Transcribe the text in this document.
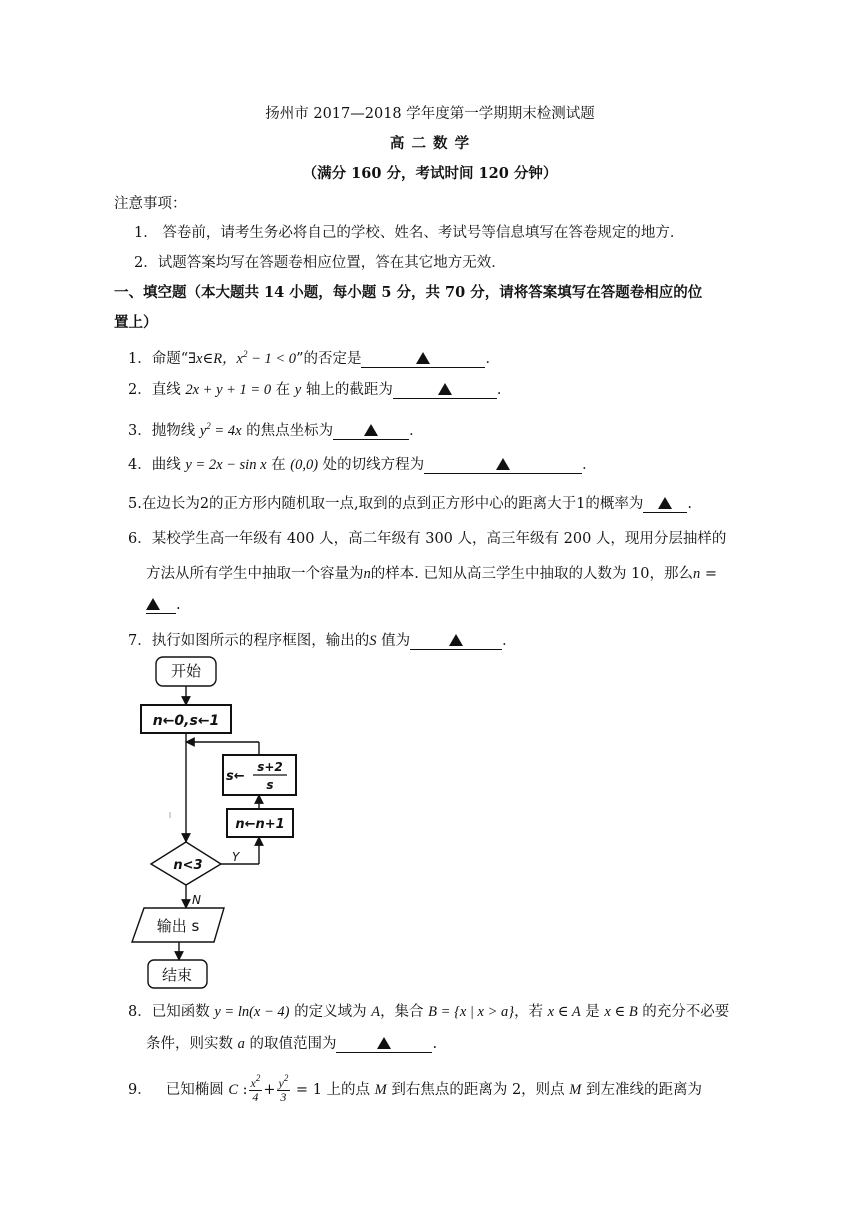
扬州市 2017—2018 学年度第一学期期末检测试题
高 二 数 学
（满分 160 分，考试时间 120 分钟）
注意事项：
1． 答卷前，请考生务必将自己的学校、姓名、考试号等信息填写在答卷规定的地方．
2．试题答案均写在答题卷相应位置，答在其它地方无效．
一、填空题（本大题共 14 小题，每小题 5 分，共 70 分，请将答案填写在答题卷相应的位
置上）
1．命题“∃x∈R，$x^2 - 1 < 0$”的否定是	．
2．直线 2x + y + 1 = 0 在 y 轴上的截距为	．
3．抛物线 $y^2 = 4x$ 的焦点坐标为	．
4．曲线 y = 2x − sin x 在 (0,0) 处的切线方程为	．
5.在边长为2的正方形内随机取一点,取到的点到正方形中心的距离大于1的概率为	.
6．某校学生高一年级有 400 人，高二年级有 300 人，高三年级有 200 人，现用分层抽样的
方法从所有学生中抽取一个容量为n的样本. 已知从高三学生中抽取的人数为 10，那么n =
.
7．执行如图所示的程序框图，输出的S 值为	．
开始
n←0,s←1
s←
s+2
s
n←n+1
n<3
Y
N
输出 s
结束
8．已知函数 y = ln(x − 4) 的定义域为 A，集合 B = {x | x > a}，若 x ∈ A 是 x ∈ B 的充分不必要
条件，则实数 a 的取值范围为	.
9． 已知椭圆 C : $\frac{x^2}{4} + \frac{y^2}{3} = 1$ 上的点 M 到右焦点的距离为 2，则点 M 到左准线的距离为
